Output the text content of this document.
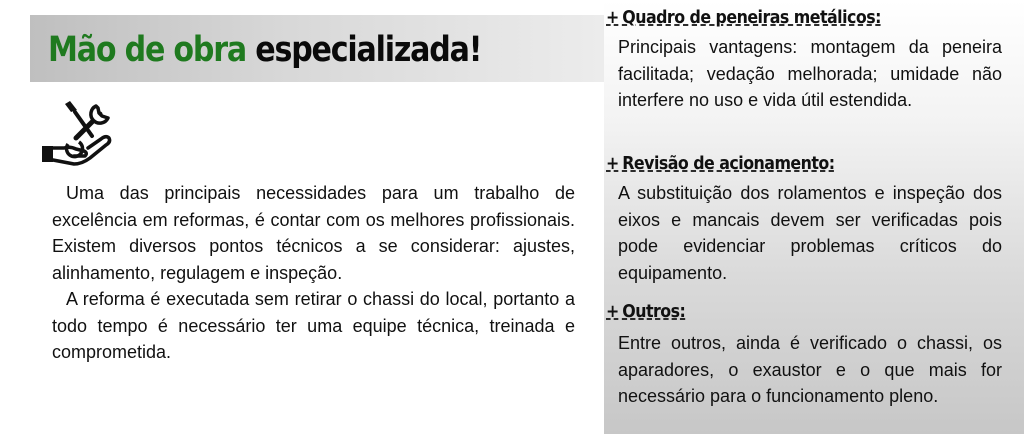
Mão de obra especializada!

Uma das principais necessidades para um trabalho de excelência em reformas, é contar com os melhores profissionais. Existem diversos pontos técnicos a se considerar: ajustes, alinhamento, regulagem e inspeção.

A reforma é executada sem retirar o chassi do local, portanto a todo tempo é necessário ter uma equipe técnica, treinada e comprometida.

+ Quadro de peneiras metálicos:

Principais vantagens: montagem da peneira facilitada; vedação melhorada; umidade não interfere no uso e vida útil estendida.

+ Revisão de acionamento:

A substituição dos rolamentos e inspeção dos eixos e mancais devem ser verificadas pois pode evidenciar problemas críticos do equipamento.

+ Outros:

Entre outros, ainda é verificado o chassi, os aparadores, o exaustor e o que mais for necessário para o funcionamento pleno.
